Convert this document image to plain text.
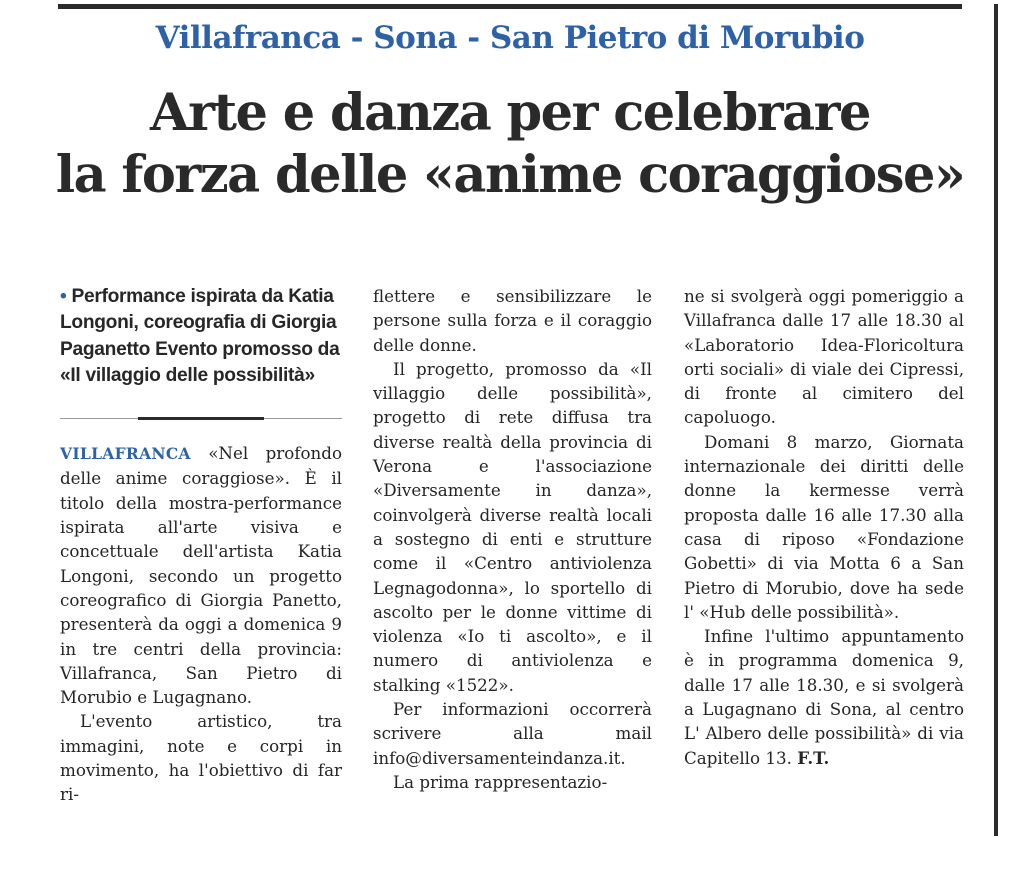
Villafranca - Sona - San Pietro di Morubio
Arte e danza per celebrare
la forza delle «anime coraggiose»

• Performance ispirata da Katia Longoni, coreografia di Giorgia Paganetto Evento promosso da «Il villaggio delle possibilità»

VILLAFRANCA «Nel profondo delle anime coraggiose». È il titolo della mostra-performance ispirata all'arte visiva e concettuale dell'artista Katia Longoni, secondo un progetto coreografico di Giorgia Panetto, presenterà da oggi a domenica 9 in tre centri della provincia: Villafranca, San Pietro di Morubio e Lugagnano.

L'evento artistico, tra immagini, note e corpi in movimento, ha l'obiettivo di far ri-

flettere e sensibilizzare le persone sulla forza e il coraggio delle donne.

Il progetto, promosso da «Il villaggio delle possibilità», progetto di rete diffusa tra diverse realtà della provincia di Verona e l'associazione «Diversamente in danza», coinvolgerà diverse realtà locali a sostegno di enti e strutture come il «Centro antiviolenza Legnagodonna», lo sportello di ascolto per le donne vittime di violenza «Io ti ascolto», e il numero di antiviolenza e stalking «1522».

Per informazioni occorrerà scrivere alla mail info@diversamenteindanza.it.

La prima rappresentazio-

ne si svolgerà oggi pomeriggio a Villafranca dalle 17 alle 18.30 al «Laboratorio Idea-Floricoltura orti sociali» di viale dei Cipressi, di fronte al cimitero del capoluogo.

Domani 8 marzo, Giornata internazionale dei diritti delle donne la kermesse verrà proposta dalle 16 alle 17.30 alla casa di riposo «Fondazione Gobetti» di via Motta 6 a San Pietro di Morubio, dove ha sede l' «Hub delle possibilità».

Infine l'ultimo appuntamento è in programma domenica 9, dalle 17 alle 18.30, e si svolgerà a Lugagnano di Sona, al centro L' Albero delle possibilità» di via Capitello 13. F.T.
